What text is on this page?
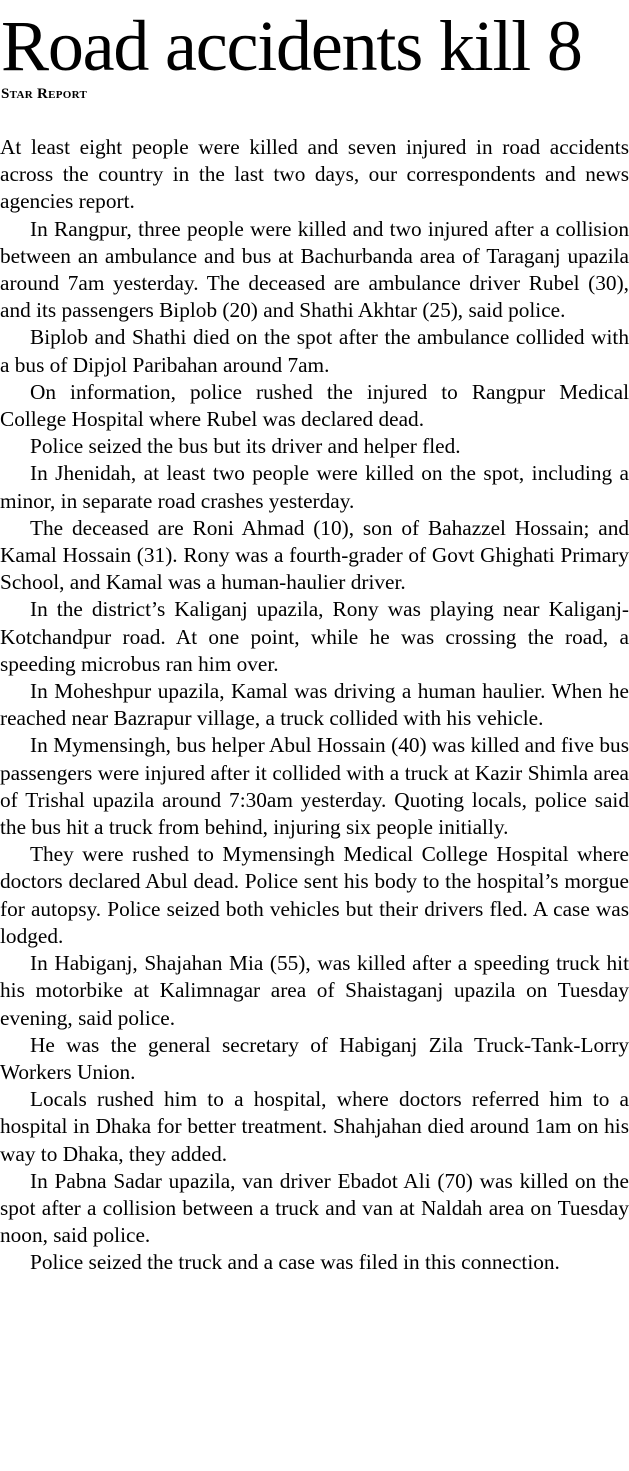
Road accidents kill 8
Star Report

At least eight people were killed and seven injured in road accidents across the country in the last two days, our correspondents and news agencies report.

In Rangpur, three people were killed and two injured after a collision between an ambulance and bus at Bachurbanda area of Taraganj upazila around 7am yesterday. The deceased are ambulance driver Rubel (30), and its passengers Biplob (20) and Shathi Akhtar (25), said police.

Biplob and Shathi died on the spot after the ambulance collided with a bus of Dipjol Paribahan around 7am.

On information, police rushed the injured to Rangpur Medical College Hospital where Rubel was declared dead.

Police seized the bus but its driver and helper fled.

In Jhenidah, at least two people were killed on the spot, including a minor, in separate road crashes yesterday.

The deceased are Roni Ahmad (10), son of Bahazzel Hossain; and Kamal Hossain (31). Rony was a fourth-grader of Govt Ghighati Primary School, and Kamal was a human-haulier driver.

In the district’s Kaliganj upazila, Rony was playing near Kaliganj-Kotchandpur road. At one point, while he was crossing the road, a speeding microbus ran him over.

In Moheshpur upazila, Kamal was driving a human haulier. When he reached near Bazrapur village, a truck collided with his vehicle.

In Mymensingh, bus helper Abul Hossain (40) was killed and five bus passengers were injured after it collided with a truck at Kazir Shimla area of Trishal upazila around 7:30am yesterday. Quoting locals, police said the bus hit a truck from behind, injuring six people initially.

They were rushed to Mymensingh Medical College Hospital where doctors declared Abul dead. Police sent his body to the hospital’s morgue for autopsy. Police seized both vehicles but their drivers fled. A case was lodged.

In Habiganj, Shajahan Mia (55), was killed after a speeding truck hit his motorbike at Kalimnagar area of Shaistaganj upazila on Tuesday evening, said police.

He was the general secretary of Habiganj Zila Truck-Tank-Lorry Workers Union.

Locals rushed him to a hospital, where doctors referred him to a hospital in Dhaka for better treatment. Shahjahan died around 1am on his way to Dhaka, they added.

In Pabna Sadar upazila, van driver Ebadot Ali (70) was killed on the spot after a collision between a truck and van at Naldah area on Tuesday noon, said police.

Police seized the truck and a case was filed in this connection.
